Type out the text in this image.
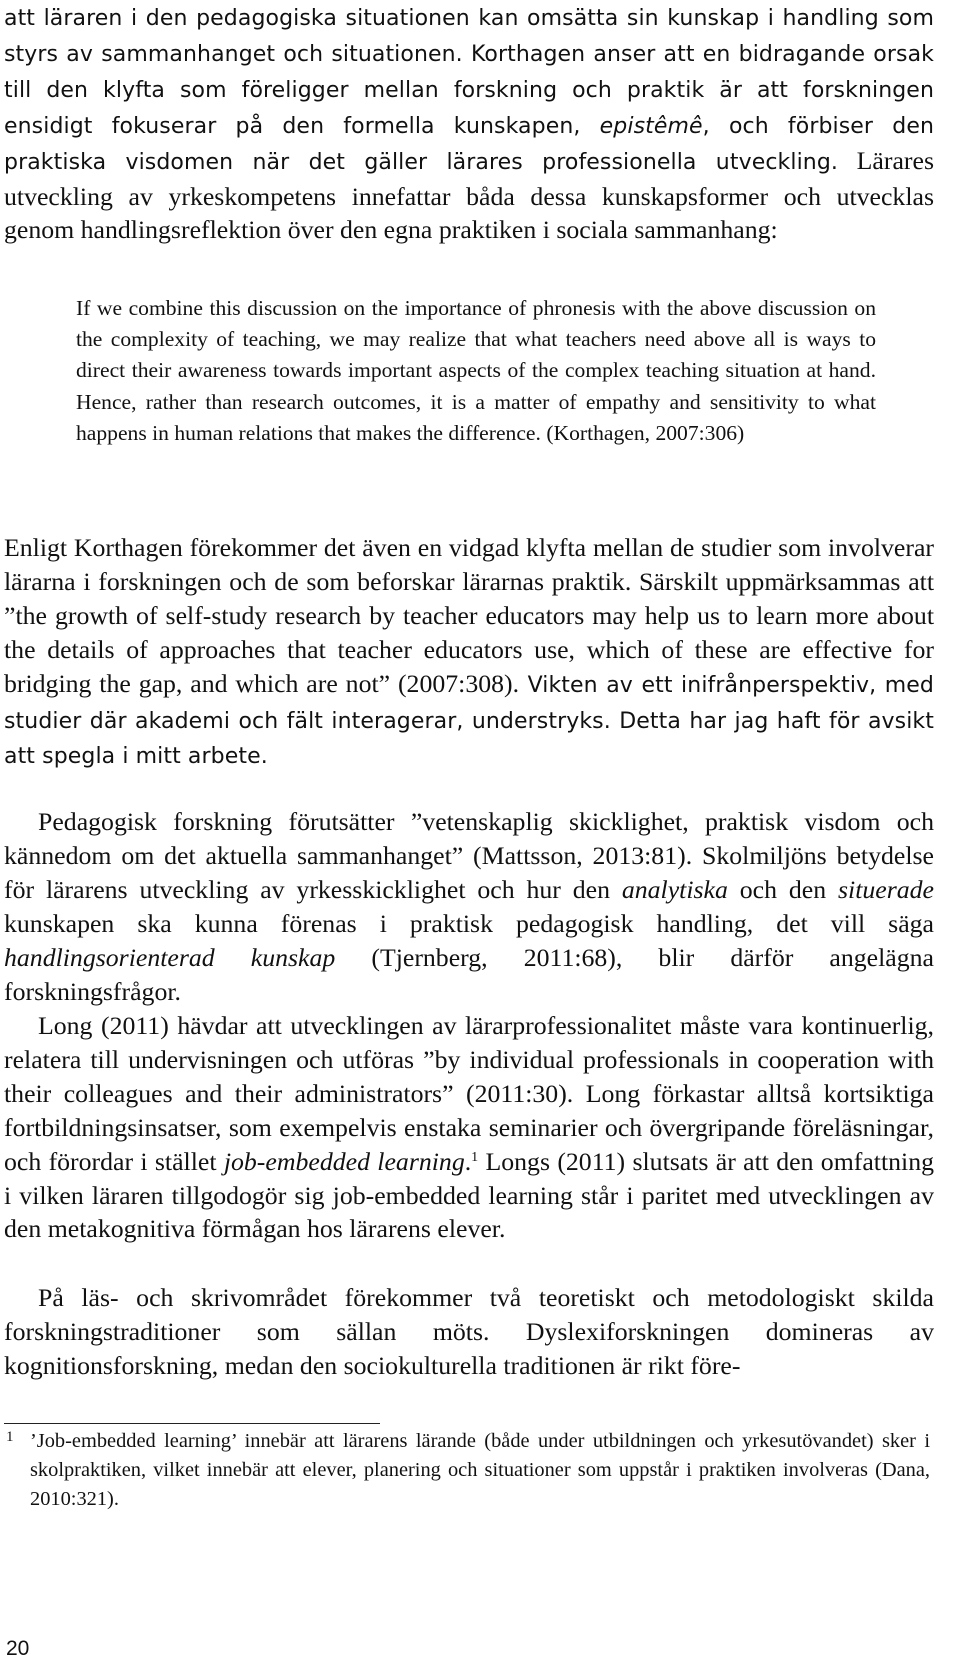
att läraren i den pedagogiska situationen kan omsätta sin kunskap i handling som styrs av sammanhanget och situationen. Korthagen anser att en bidragande orsak till den klyfta som föreligger mellan forskning och praktik är att forskningen ensidigt fokuserar på den formella kunskapen, epistêmê, och förbiser den praktiska visdomen när det gäller lärares professionella utveckling. Lärares utveckling av yrkeskompetens innefattar båda dessa kunskapsformer och utvecklas genom handlingsreflektion över den egna praktiken i sociala sammanhang:

If we combine this discussion on the importance of phronesis with the above discussion on the complexity of teaching, we may realize that what teachers need above all is ways to direct their awareness towards important aspects of the complex teaching situation at hand. Hence, rather than research outcomes, it is a matter of empathy and sensitivity to what happens in human relations that makes the difference. (Korthagen, 2007:306)

Enligt Korthagen förekommer det även en vidgad klyfta mellan de studier som involverar lärarna i forskningen och de som beforskar lärarnas praktik. Särskilt uppmärksammas att ”the growth of self-study research by teacher educators may help us to learn more about the details of approaches that teacher educators use, which of these are effective for bridging the gap, and which are not” (2007:308). Vikten av ett inifrånperspektiv, med studier där akademi och fält interagerar, understryks. Detta har jag haft för avsikt att spegla i mitt arbete.

Pedagogisk forskning förutsätter ”vetenskaplig skicklighet, praktisk visdom och kännedom om det aktuella sammanhanget” (Mattsson, 2013:81). Skolmiljöns betydelse för lärarens utveckling av yrkesskicklighet och hur den analytiska och den situerade kunskapen ska kunna förenas i praktisk pedagogisk handling, det vill säga handlingsorienterad kunskap (Tjernberg, 2011:68), blir därför angelägna forskningsfrågor.

Long (2011) hävdar att utvecklingen av lärarprofessionalitet måste vara kontinuerlig, relatera till undervisningen och utföras ”by individual professionals in cooperation with their colleagues and their administrators” (2011:30). Long förkastar alltså kortsiktiga fortbildningsinsatser, som exempelvis enstaka seminarier och övergripande föreläsningar, och förordar i stället job-embedded learning.$^1$ Longs (2011) slutsats är att den omfattning i vilken läraren tillgodogör sig job-embedded learning står i paritet med utvecklingen av den metakognitiva förmågan hos lärarens elever.

På läs- och skrivområdet förekommer två teoretiskt och metodologiskt skilda forskningstraditioner som sällan möts. Dyslexiforskningen domineras av kognitionsforskning, medan den sociokulturella traditionen är rikt före-

1 ’Job-embedded learning’ innebär att lärarens lärande (både under utbildningen och yrkesutövandet) sker i skolpraktiken, vilket innebär att elever, planering och situationer som uppstår i praktiken involveras (Dana, 2010:321).

20
